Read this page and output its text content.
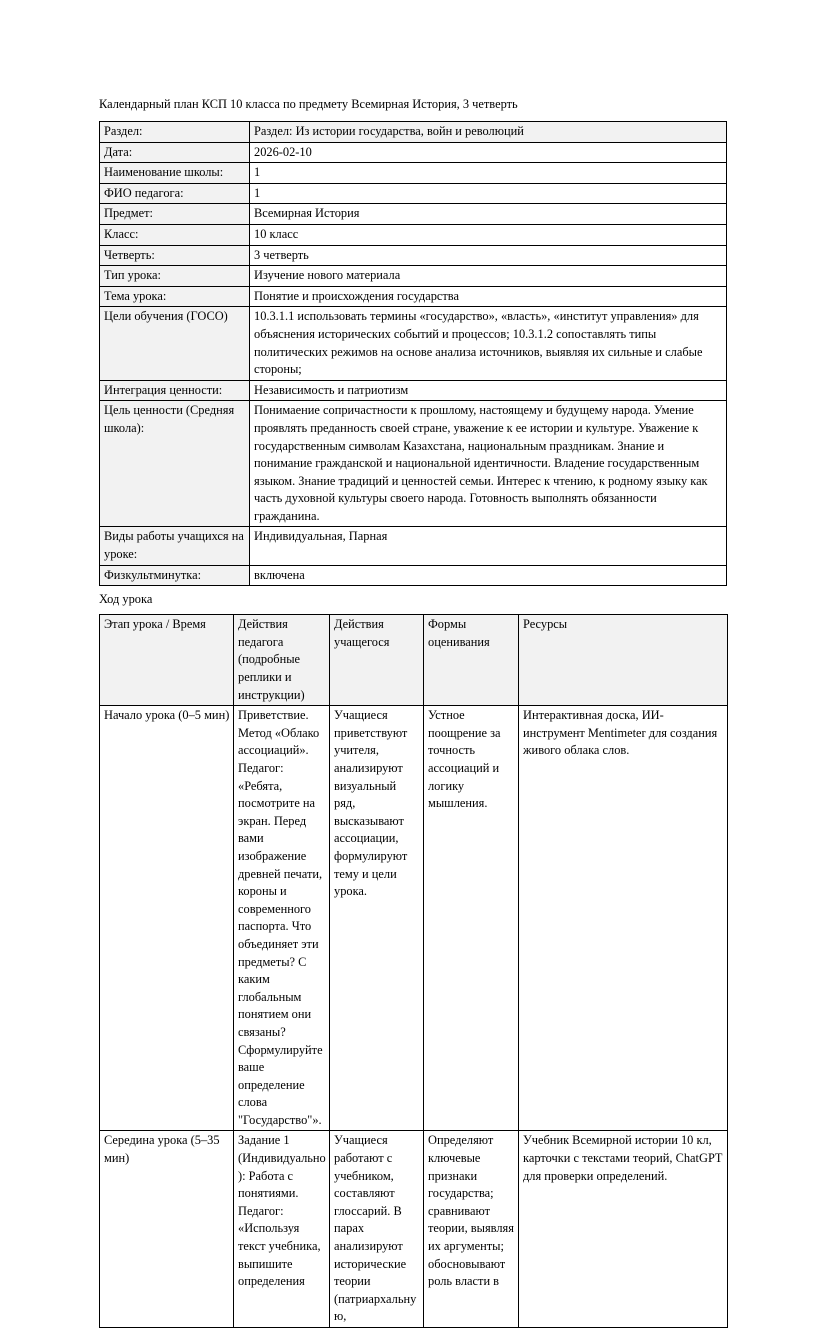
Календарный план КСП 10 класса по предмету Всемирная История, 3 четверть
Раздел:	Раздел: Из истории государства, войн и революций
Дата:	2026-02-10
Наименование школы:	1
ФИО педагога:	1
Предмет:	Всемирная История
Класс:	10 класс
Четверть:	3 четверть
Тип урока:	Изучение нового материала
Тема урока:	Понятие и происхождения государства
Цели обучения (ГОСО)	10.3.1.1 использовать термины «государство», «власть», «институт управления» для объяснения исторических событий и процессов; 10.3.1.2 сопоставлять типы политических режимов на основе анализа источников, выявляя их сильные и слабые стороны;
Интеграция ценности:	Независимость и патриотизм
Цель ценности (Средняя школа):	Понимаение сопричастности к прошлому, настоящему и будущему народа. Умение проявлять преданность своей стране, уважение к ее истории и культуре. Уважение к государственным символам Казахстана, национальным праздникам. Знание и понимание гражданской и национальной идентичности. Владение государственным языком. Знание традиций и ценностей семьи. Интерес к чтению, к родному языку как часть духовной культуры своего народа. Готовность выполнять обязанности гражданина.
Виды работы учащихся на уроке:	Индивидуальная, Парная
Физкультминутка:	включена
Ход урока
Этап урока / Время	Действия педагога (подробные реплики и инструкции)	Действия учащегося	Формы оценивания	Ресурсы
Начало урока (0–5 мин)	Приветствие. Метод «Облако ассоциаций». Педагог: «Ребята, посмотрите на экран. Перед вами изображение древней печати, короны и современного паспорта. Что объединяет эти предметы? С каким глобальным понятием они связаны? Сформулируйте ваше определение слова "Государство"».	Учащиеся приветствуют учителя, анализируют визуальный ряд, высказывают ассоциации, формулируют тему и цели урока.	Устное поощрение за точность ассоциаций и логику мышления.	Интерактивная доска, ИИ-инструмент Mentimeter для создания живого облака слов.
Середина урока (5–35 мин)	Задание 1 (Индивидуально): Работа с понятиями. Педагог: «Используя текст учебника, выпишите определения	Учащиеся работают с учебником, составляют глоссарий. В парах анализируют исторические теории (патриархальную,	Определяют ключевые признаки государства; сравнивают теории, выявляя их аргументы; обосновывают роль власти в	Учебник Всемирной истории 10 кл, карточки с текстами теорий, ChatGPT для проверки определений.
